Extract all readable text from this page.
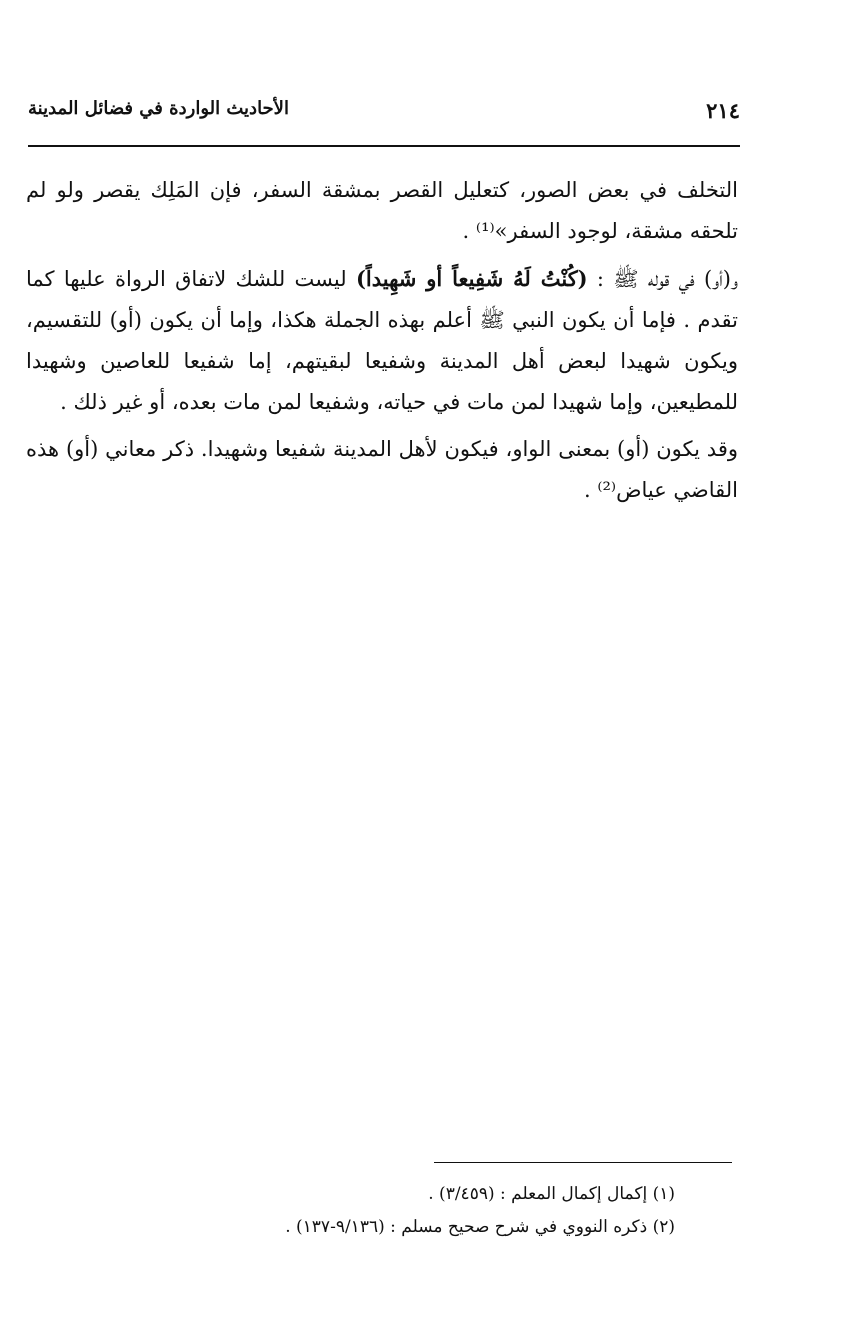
٢١٤
الأحاديث الواردة في فضائل المدينة

التخلف في بعض الصور، كتعليل القصر بمشقة السفر، فإن المَلِك يقصر ولو لم تلحقه مشقة، لوجود السفر»⁽¹⁾ .

و(أو) في قوله ﷺ : (كُنْتُ لَهُ شَفِيعاً أو شَهِيداً) ليست للشك لاتفاق الرواة عليها كما تقدم . فإما أن يكون النبي ﷺ أعلم بهذه الجملة هكذا، وإما أن يكون (أو) للتقسيم، ويكون شهيدا لبعض أهل المدينة وشفيعا لبقيتهم، إما شفيعا للعاصين وشهيدا للمطيعين، وإما شهيدا لمن مات في حياته، وشفيعا لمن مات بعده، أو غير ذلك .

وقد يكون (أو) بمعنى الواو، فيكون لأهل المدينة شفيعا وشهيدا. ذكر معاني (أو) هذه القاضي عياض⁽²⁾ .

(١) إكمال إكمال المعلم : (٣/٤٥٩) .
(٢) ذكره النووي في شرح صحيح مسلم : (٩/١٣٦-١٣٧) .
